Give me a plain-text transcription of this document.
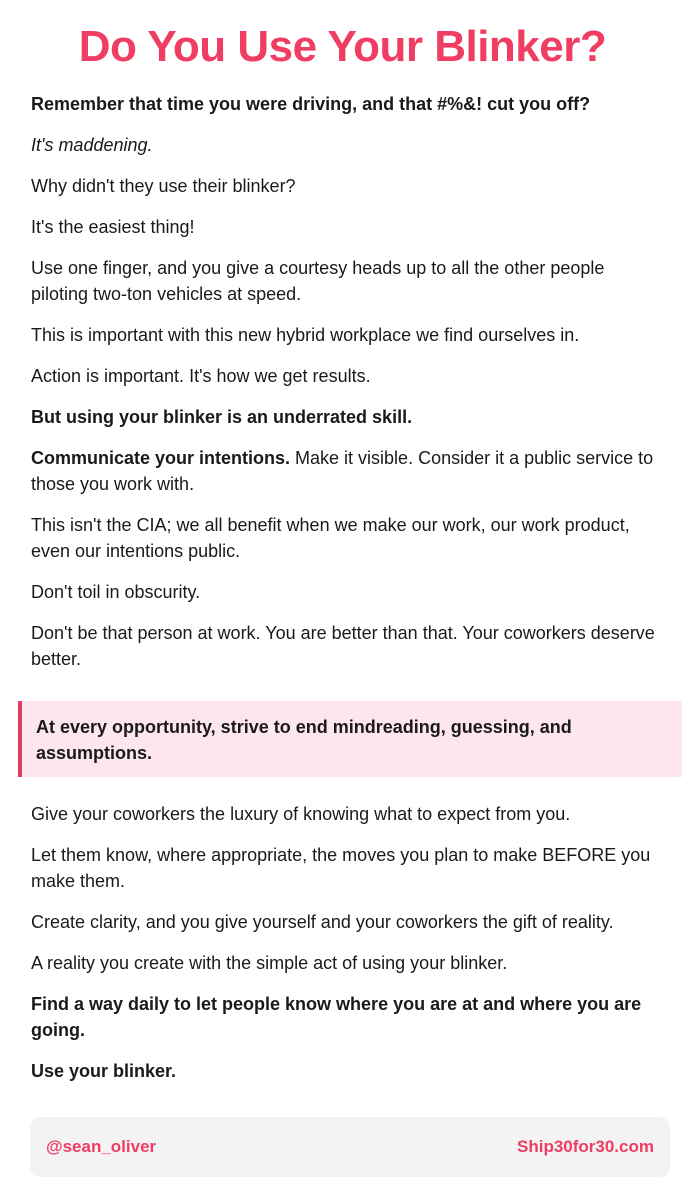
Do You Use Your Blinker?

Remember that time you were driving, and that #%&! cut you off?

It's maddening.

Why didn't they use their blinker?

It's the easiest thing!

Use one finger, and you give a courtesy heads up to all the other people piloting two-ton vehicles at speed.

This is important with this new hybrid workplace we find ourselves in.

Action is important. It's how we get results.

But using your blinker is an underrated skill.

Communicate your intentions. Make it visible. Consider it a public service to those you work with.

This isn't the CIA; we all benefit when we make our work, our work product, even our intentions public.

Don't toil in obscurity.

Don't be that person at work. You are better than that. Your coworkers deserve better.

At every opportunity, strive to end mindreading, guessing, and assumptions.

Give your coworkers the luxury of knowing what to expect from you.

Let them know, where appropriate, the moves you plan to make BEFORE you make them.

Create clarity, and you give yourself and your coworkers the gift of reality.

A reality you create with the simple act of using your blinker.

Find a way daily to let people know where you are at and where you are going.

Use your blinker.

@sean_oliver	Ship30for30.com
